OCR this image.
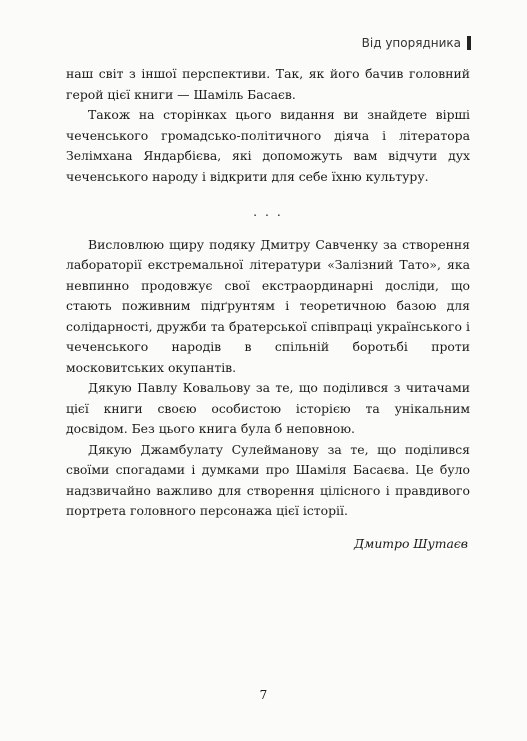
Від упорядника

наш світ з іншої перспективи. Так, як його бачив головний герой цієї книги — Шаміль Басаєв.

Також на сторінках цього видання ви знайдете вірші чеченського громадсько-політичного діяча і літератора Зелімхана Яндарбієва, які допоможуть вам відчути дух чеченського народу і відкрити для себе їхню культуру.

. . .

Висловлюю щиру подяку Дмитру Савченку за створення лабораторії екстремальної літератури «Залізний Тато», яка невпинно продовжує свої екстраординарні досліди, що стають поживним підґрунтям і теоретичною базою для солідарності, дружби та братерської співпраці українського і чеченського народів в спільній боротьбі проти московитських окупантів.

Дякую Павлу Ковальову за те, що поділився з читачами цієї книги своєю особистою історією та унікальним досвідом. Без цього книга була б неповною.

Дякую Джамбулату Сулейманову за те, що поділився своїми спогадами і думками про Шаміля Басаєва. Це було надзвичайно важливо для створення цілісного і правдивого портрета головного персонажа цієї історії.

Дмитро Шутаєв
7
